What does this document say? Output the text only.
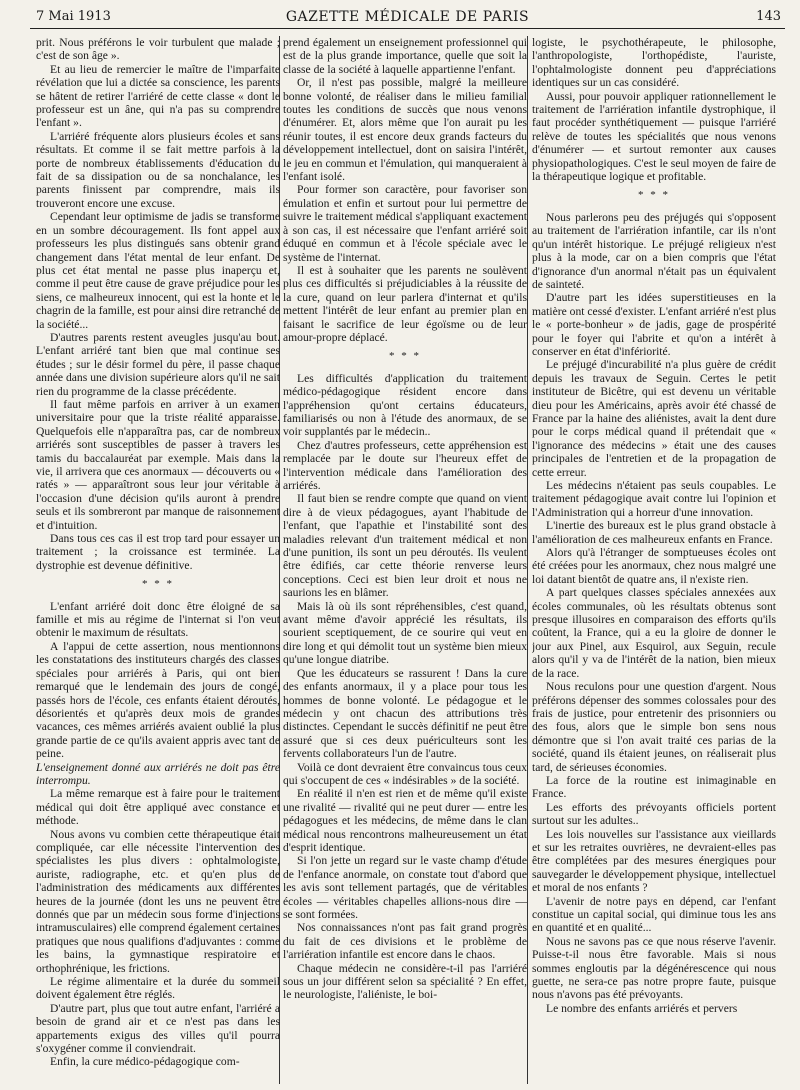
7 Mai 1913	GAZETTE MÉDICALE DE PARIS	143

prit. Nous préférons le voir turbulent que malade ; c'est de son âge ».

Et au lieu de remercier le maître de l'imparfaite révélation que lui a dictée sa conscience, les parents se hâtent de retirer l'arriéré de cette classe « dont le professeur est un âne, qui n'a pas su comprendre l'enfant ».

L'arriéré fréquente alors plusieurs écoles et sans résultats. Et comme il se fait mettre parfois à la porte de nombreux établissements d'éducation du fait de sa dissipation ou de sa nonchalance, les parents finissent par comprendre, mais ils trouveront encore une excuse.

Cependant leur optimisme de jadis se transforme en un sombre découragement. Ils font appel aux professeurs les plus distingués sans obtenir grand changement dans l'état mental de leur enfant. De plus cet état mental ne passe plus inaperçu et, comme il peut être cause de grave préjudice pour les siens, ce malheureux innocent, qui est la honte et le chagrin de la famille, est pour ainsi dire retranché de la société...

D'autres parents restent aveugles jusqu'au bout. L'enfant arriéré tant bien que mal continue ses études ; sur le désir formel du père, il passe chaque année dans une division supérieure alors qu'il ne sait rien du programme de la classe précédente.

Il faut même parfois en arriver à un examen universitaire pour que la triste réalité apparaisse. Quelquefois elle n'apparaîtra pas, car de nombreux arriérés sont susceptibles de passer à travers les tamis du baccalauréat par exemple. Mais dans la vie, il arrivera que ces anormaux — découverts ou « ratés » — apparaîtront sous leur jour véritable à l'occasion d'une décision qu'ils auront à prendre seuls et ils sombreront par manque de raisonnement et d'intuition.

Dans tous ces cas il est trop tard pour essayer un traitement ; la croissance est terminée. La dystrophie est devenue définitive.

* * *

L'enfant arriéré doit donc être éloigné de sa famille et mis au régime de l'internat si l'on veut obtenir le maximum de résultats.

A l'appui de cette assertion, nous mentionnons les constatations des instituteurs chargés des classes spéciales pour arriérés à Paris, qui ont bien remarqué que le lendemain des jours de congé, passés hors de l'école, ces enfants étaient déroutés, désorientés et qu'après deux mois de grandes vacances, ces mêmes arriérés avaient oublié la plus grande partie de ce qu'ils avaient appris avec tant de peine.

L'enseignement donné aux arriérés ne doit pas être interrompu.

La même remarque est à faire pour le traitement médical qui doit être appliqué avec constance et méthode.

Nous avons vu combien cette thérapeutique était compliquée, car elle nécessite l'intervention des spécialistes les plus divers : ophtalmologiste, auriste, radiographe, etc. et qu'en plus de l'administration des médicaments aux différentes heures de la journée (dont les uns ne peuvent être donnés que par un médecin sous forme d'injections intramusculaires) elle comprend également certaines pratiques que nous qualifions d'adjuvantes : comme les bains, la gymnastique respiratoire et orthophrénique, les frictions.

Le régime alimentaire et la durée du sommeil doivent également être réglés.

D'autre part, plus que tout autre enfant, l'arriéré a besoin de grand air et ce n'est pas dans les appartements exigus des villes qu'il pourra s'oxygéner comme il conviendrait.

Enfin, la cure médico-pédagogique com-

prend également un enseignement professionnel qui est de la plus grande importance, quelle que soit la classe de la société à laquelle appartienne l'enfant.

Or, il n'est pas possible, malgré la meilleure bonne volonté, de réaliser dans le milieu familial toutes les conditions de succès que nous venons d'énumérer. Et, alors même que l'on aurait pu les réunir toutes, il est encore deux grands facteurs du développement intellectuel, dont on saisira l'intérêt, le jeu en commun et l'émulation, qui manqueraient à l'enfant isolé.

Pour former son caractère, pour favoriser son émulation et enfin et surtout pour lui permettre de suivre le traitement médical s'appliquant exactement à son cas, il est nécessaire que l'enfant arriéré soit éduqué en commun et à l'école spéciale avec le système de l'internat.

Il est à souhaiter que les parents ne soulèvent plus ces difficultés si préjudiciables à la réussite de la cure, quand on leur parlera d'internat et qu'ils mettent l'intérêt de leur enfant au premier plan en faisant le sacrifice de leur égoïsme ou de leur amour-propre déplacé.

* * *

Les difficultés d'application du traitement médico-pédagogique résident encore dans l'appréhension qu'ont certains éducateurs, familiarisés ou non à l'étude des anormaux, de se voir supplantés par le médecin..

Chez d'autres professeurs, cette appréhension est remplacée par le doute sur l'heureux effet de l'intervention médicale dans l'amélioration des arriérés.

Il faut bien se rendre compte que quand on vient dire à de vieux pédagogues, ayant l'habitude de l'enfant, que l'apathie et l'instabilité sont des maladies relevant d'un traitement médical et non d'une punition, ils sont un peu déroutés. Ils veulent être édifiés, car cette théorie renverse leurs conceptions. Ceci est bien leur droit et nous ne saurions les en blâmer.

Mais là où ils sont répréhensibles, c'est quand, avant même d'avoir apprécié les résultats, ils sourient sceptiquement, de ce sourire qui veut en dire long et qui démolit tout un système bien mieux qu'une longue diatribe.

Que les éducateurs se rassurent ! Dans la cure des enfants anormaux, il y a place pour tous les hommes de bonne volonté. Le pédagogue et le médecin y ont chacun des attributions très distinctes. Cependant le succès définitif ne peut être assuré que si ces deux puériculteurs sont les fervents collaborateurs l'un de l'autre.

Voilà ce dont devraient être convaincus tous ceux qui s'occupent de ces « indésirables » de la société.

En réalité il n'en est rien et de même qu'il existe une rivalité — rivalité qui ne peut durer — entre les pédagogues et les médecins, de même dans le clan médical nous rencontrons malheureusement un état d'esprit identique.

Si l'on jette un regard sur le vaste champ d'étude de l'enfance anormale, on constate tout d'abord que les avis sont tellement partagés, que de véritables écoles — véritables chapelles allions-nous dire — se sont formées.

Nos connaissances n'ont pas fait grand progrès du fait de ces divisions et le problème de l'arriération infantile est encore dans le chaos.

Chaque médecin ne considère-t-il pas l'arriéré sous un jour différent selon sa spécialité ? En effet, le neurologiste, l'aliéniste, le boi-

logiste, le psychothérapeute, le philosophe, l'anthropologiste, l'orthopédiste, l'auriste, l'ophtalmologiste donnent peu d'appréciations identiques sur un cas considéré.

Aussi, pour pouvoir appliquer rationnellement le traitement de l'arriération infantile dystrophique, il faut procéder synthétiquement — puisque l'arriéré relève de toutes les spécialités que nous venons d'énumérer — et surtout remonter aux causes physiopathologiques. C'est le seul moyen de faire de la thérapeutique logique et profitable.

* * *

Nous parlerons peu des préjugés qui s'opposent au traitement de l'arriération infantile, car ils n'ont qu'un intérêt historique. Le préjugé religieux n'est plus à la mode, car on a bien compris que l'état d'ignorance d'un anormal n'était pas un équivalent de sainteté.

D'autre part les idées superstitieuses en la matière ont cessé d'exister. L'enfant arriéré n'est plus le « porte-bonheur » de jadis, gage de prospérité pour le foyer qui l'abrite et qu'on a intérêt à conserver en état d'infériorité.

Le préjugé d'incurabilité n'a plus guère de crédit depuis les travaux de Seguin. Certes le petit instituteur de Bicêtre, qui est devenu un véritable dieu pour les Américains, après avoir été chassé de France par la haine des aliénistes, avait la dent dure pour le corps médical quand il prétendait que « l'ignorance des médecins » était une des causes principales de l'entretien et de la propagation de cette erreur.

Les médecins n'étaient pas seuls coupables. Le traitement pédagogique avait contre lui l'opinion et l'Administration qui a horreur d'une innovation.

L'inertie des bureaux est le plus grand obstacle à l'amélioration de ces malheureux enfants en France.

Alors qu'à l'étranger de somptueuses écoles ont été créées pour les anormaux, chez nous malgré une loi datant bientôt de quatre ans, il n'existe rien.

A part quelques classes spéciales annexées aux écoles communales, où les résultats obtenus sont presque illusoires en comparaison des efforts qu'ils coûtent, la France, qui a eu la gloire de donner le jour aux Pinel, aux Esquirol, aux Seguin, recule alors qu'il y va de l'intérêt de la nation, bien mieux de la race.

Nous reculons pour une question d'argent. Nous préférons dépenser des sommes colossales pour des frais de justice, pour entretenir des prisonniers ou des fous, alors que le simple bon sens nous démontre que si l'on avait traité ces parias de la société, quand ils étaient jeunes, on réaliserait plus tard, de sérieuses économies.

La force de la routine est inimaginable en France.

Les efforts des prévoyants officiels portent surtout sur les adultes..

Les lois nouvelles sur l'assistance aux vieillards et sur les retraites ouvrières, ne devraient-elles pas être complétées par des mesures énergiques pour sauvegarder le développement physique, intellectuel et moral de nos enfants ?

L'avenir de notre pays en dépend, car l'enfant constitue un capital social, qui diminue tous les ans en quantité et en qualité...

Nous ne savons pas ce que nous réserve l'avenir. Puisse-t-il nous être favorable. Mais si nous sommes engloutis par la dégénérescence qui nous guette, ne sera-ce pas notre propre faute, puisque nous n'avons pas été prévoyants.

Le nombre des enfants arriérés et pervers
